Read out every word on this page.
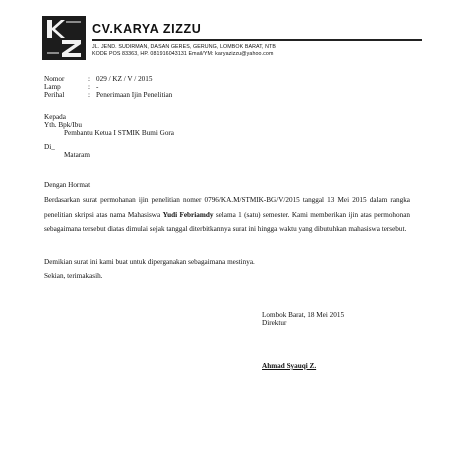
CV.KARYA ZIZZU
JL. JEND. SUDIRMAN, DASAN GERES, GERUNG, LOMBOK BARAT, NTB
KODE POS 83363, HP. 081916043131 Email/YM: karyazizzu@yahoo.com
Nomor	: 029 / KZ / V / 2015
Lamp	: -
Perihal	: Penerimaan Ijin Penelitian
Kepada
Yth. Bpk/Ibu
Pembantu Ketua I STMIK Bumi Gora
Di_
Mataram
Dengan Hormat
Berdasarkan surat permohanan ijin penelitian nomer 0796/KA.M/STMIK-BG/V/2015 tanggal 13 Mei 2015 dalam rangka penelitian skripsi atas nama Mahasiswa Yudi Febriamdy selama 1 (satu) semester. Kami memberikan ijin atas permohonan sebagaimana tersebut diatas dimulai sejak tanggal diterbitkannya surat ini hingga waktu yang dibutuhkan mahasiswa tersebut.
Demikian surat ini kami buat untuk diperganakan sebagaimana mestinya.
Sekian, terimakasih.
Lombok Barat, 18 Mei 2015
Direktur
Ahmad Syauqi Z.
